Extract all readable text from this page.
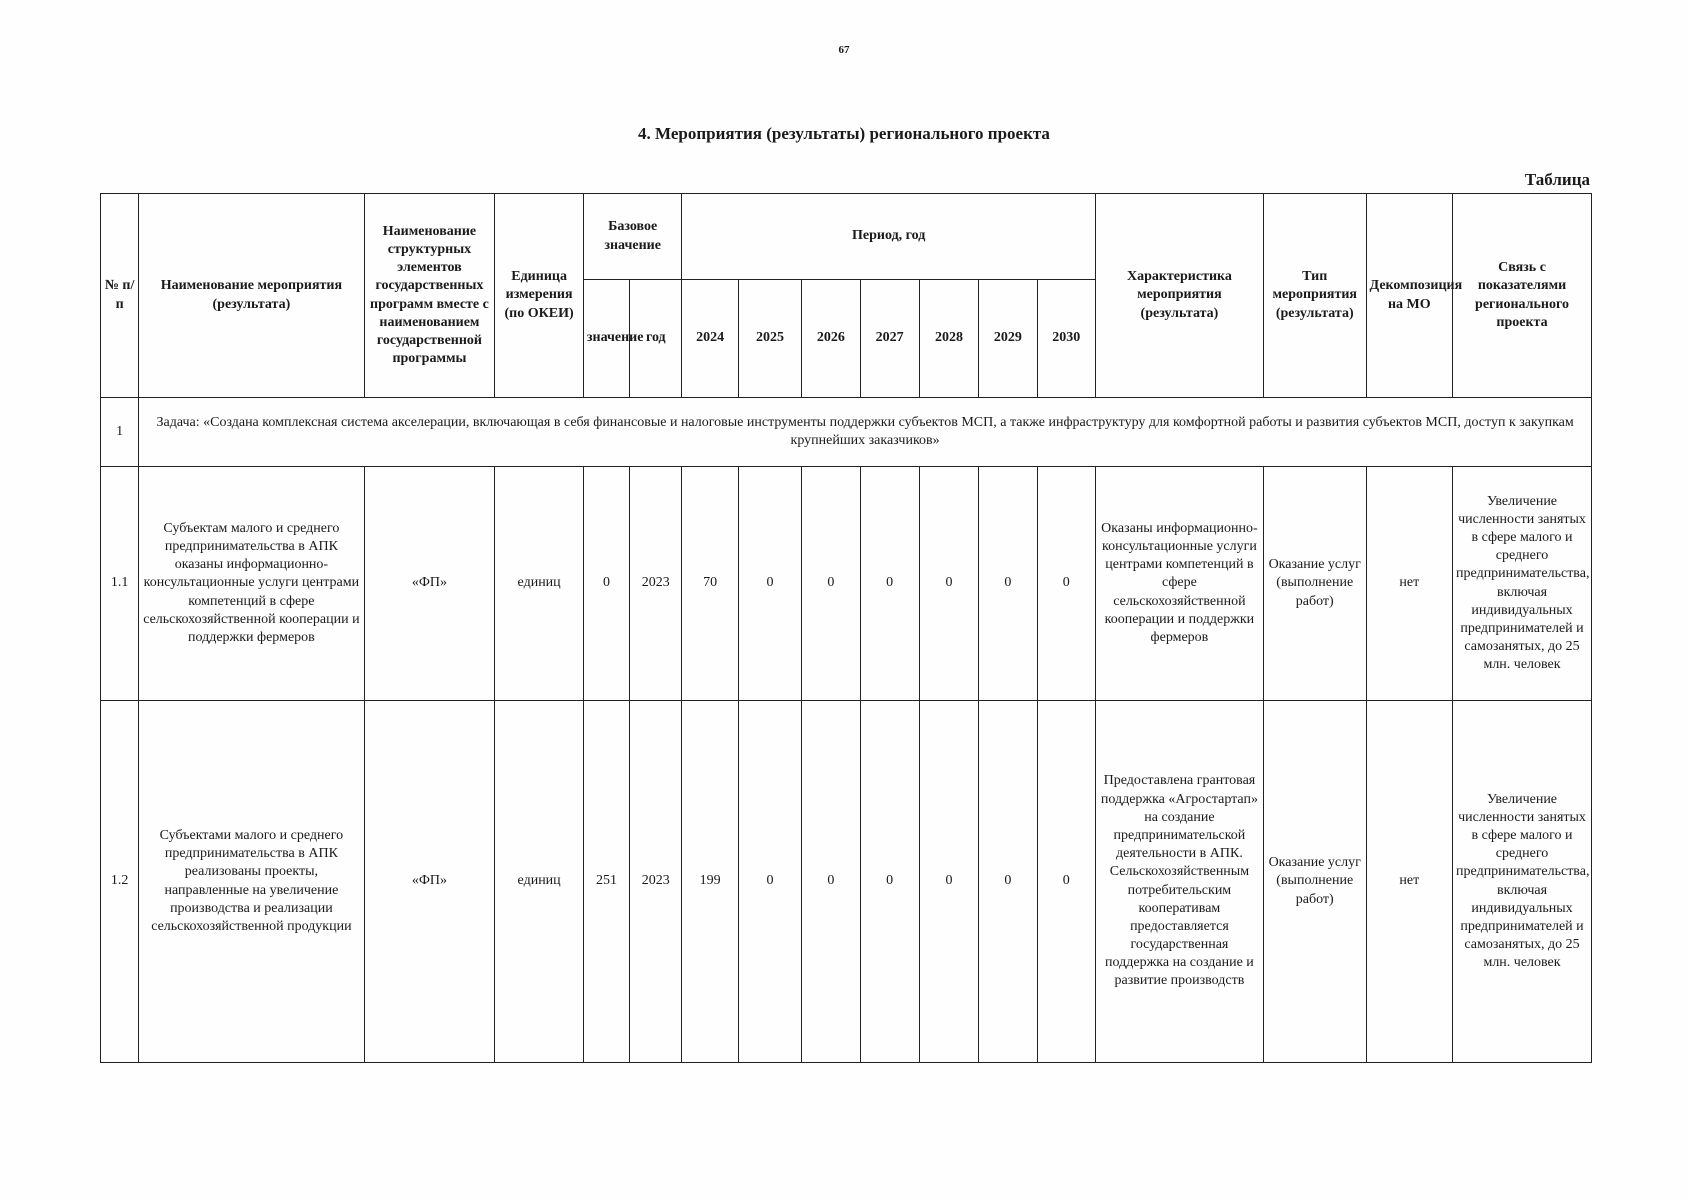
67
4. Мероприятия (результаты) регионального проекта
Таблица
№ п/п	Наименование мероприятия (результата)	Наименование структурных элементов государственных программ вместе с наименованием государственной программы	Единица измерения (по ОКЕИ)	Базовое значение		Период, год							Характеристика мероприятия (результата)	Тип мероприятия (результата)	Декомпозиция на МО	Связь с показателями регионального проекта
				значение	год	2024	2025	2026	2027	2028	2029	2030				
1	Задача: «Создана комплексная система акселерации, включающая в себя финансовые и налоговые инструменты поддержки субъектов МСП, а также инфраструктуру для комфортной работы и развития субъектов МСП, доступ к закупкам крупнейших заказчиков»															
1.1	Субъектам малого и среднего предпринимательства в АПК оказаны информационно-консультационные услуги центрами компетенций в сфере сельскохозяйственной кооперации и поддержки фермеров	«ФП»	единиц	0	2023	70	0	0	0	0	0	0	Оказаны информационно-консультационные услуги центрами компетенций в сфере сельскохозяйственной кооперации и поддержки фермеров	Оказание услуг (выполнение работ)	нет	Увеличение численности занятых в сфере малого и среднего предпринимательства, включая индивидуальных предпринимателей и самозанятых, до 25 млн. человек
1.2	Субъектами малого и среднего предпринимательства в АПК реализованы проекты, направленные на увеличение производства и реализации сельскохозяйственной продукции	«ФП»	единиц	251	2023	199	0	0	0	0	0	0	Предоставлена грантовая поддержка «Агростартап» на создание предпринимательской деятельности в АПК. Сельскохозяйственным потребительским кооперативам предоставляется государственная поддержка на создание и развитие производств	Оказание услуг (выполнение работ)	нет	Увеличение численности занятых в сфере малого и среднего предпринимательства, включая индивидуальных предпринимателей и самозанятых, до 25 млн. человек
